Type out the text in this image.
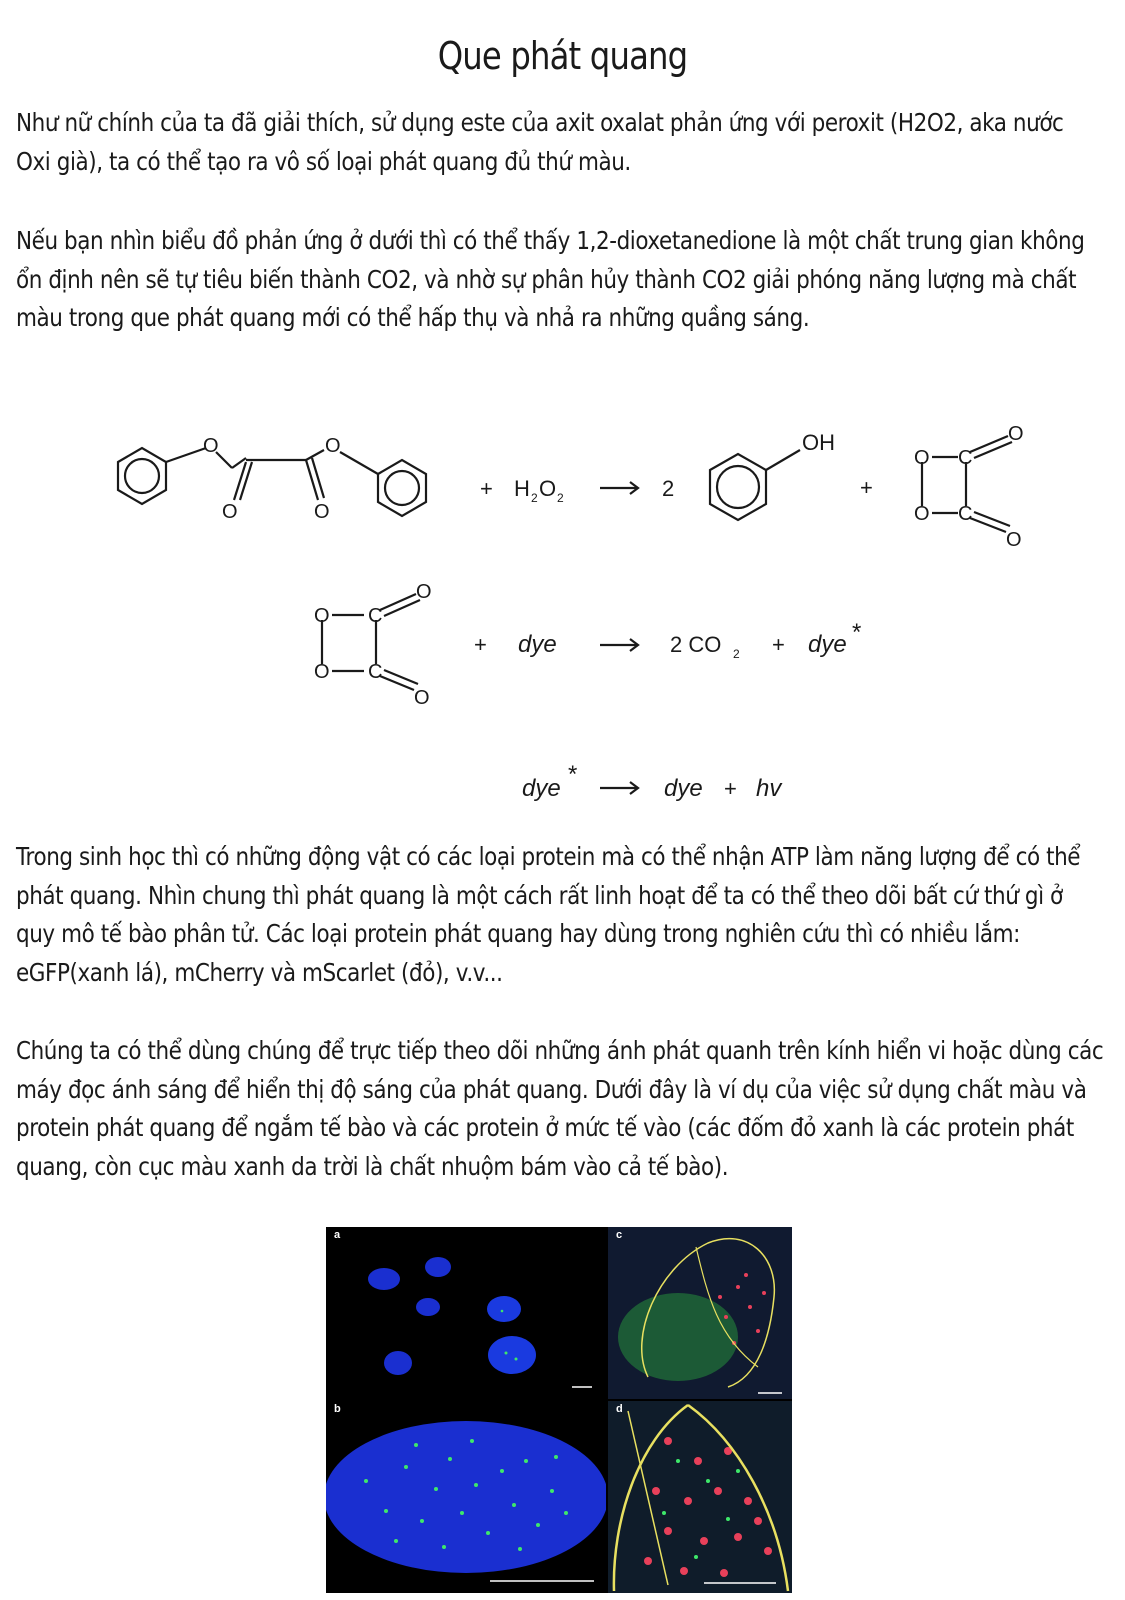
Que phát quang
Như nữ chính của ta đã giải thích, sử dụng este của axit oxalat phản ứng với peroxit (H2O2, aka nước Oxi già), ta có thể tạo ra vô số loại phát quang đủ thứ màu.
Nếu bạn nhìn biểu đồ phản ứng ở dưới thì có thể thấy 1,2-dioxetanedione là một chất trung gian không ổn định nên sẽ tự tiêu biến thành CO2, và nhờ sự phân hủy thành CO2 giải phóng năng lượng mà chất màu trong que phát quang mới có thể hấp thụ và nhả ra những quầng sáng.
O
O
O
O
+ H 2 O 2	2
OH
+
O C
O
O C
O
O C
O
O C
O
+ dye	2 CO 2 + dye *
dye
*
dye + hv
Trong sinh học thì có những động vật có các loại protein mà có thể nhận ATP làm năng lượng để có thể phát quang. Nhìn chung thì phát quang là một cách rất linh hoạt để ta có thể theo dõi bất cứ thứ gì ở quy mô tế bào phân tử. Các loại protein phát quang hay dùng trong nghiên cứu thì có nhiều lắm: eGFP(xanh lá), mCherry và mScarlet (đỏ), v.v...
Chúng ta có thể dùng chúng để trực tiếp theo dõi những ánh phát quanh trên kính hiển vi hoặc dùng các máy đọc ánh sáng để hiển thị độ sáng của phát quang. Dưới đây là ví dụ của việc sử dụng chất màu và protein phát quang để ngắm tế bào và các protein ở mức tế vào (các đốm đỏ xanh là các protein phát quang, còn cục màu xanh da trời là chất nhuộm bám vào cả tế bào).
a
b
c
d
